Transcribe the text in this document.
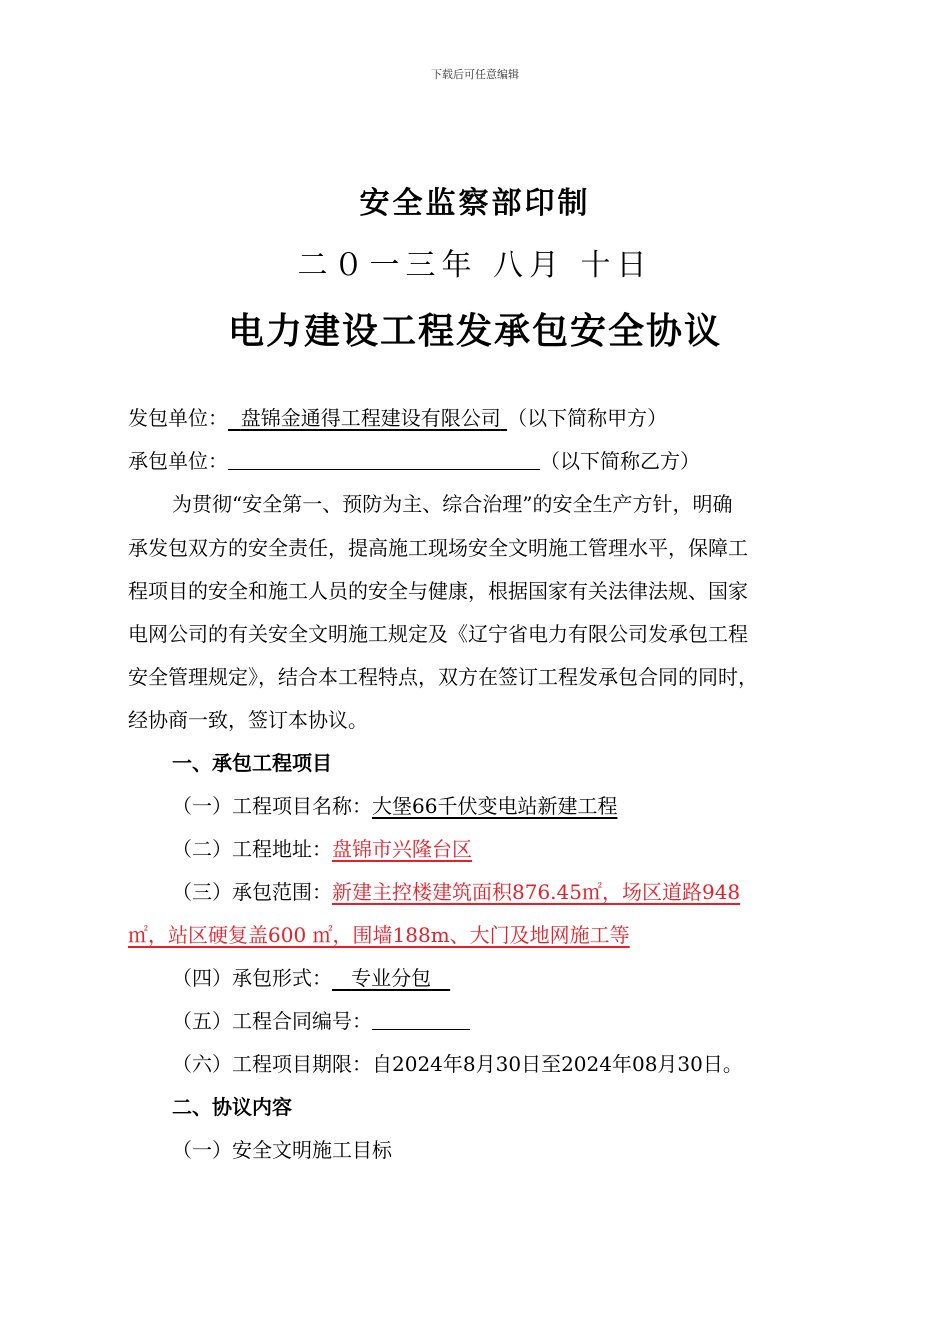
下载后可任意编辑
安全监察部印制
二０一三年 八月 十日
电力建设工程发承包安全协议
发包单位： 盘锦金通得工程建设有限公司 （以下简称甲方）
承包单位：	（以下简称乙方）
为贯彻“安全第一、预防为主、综合治理”的安全生产方针，明确
承发包双方的安全责任，提高施工现场安全文明施工管理水平，保障工
程项目的安全和施工人员的安全与健康，根据国家有关法律法规、国家
电网公司的有关安全文明施工规定及《辽宁省电力有限公司发承包工程
安全管理规定》，结合本工程特点，双方在签订工程发承包合同的同时，
经协商一致，签订本协议。
一、承包工程项目
（一）工程项目名称：大堡66千伏变电站新建工程
（二）工程地址：盘锦市兴隆台区
（三）承包范围：新建主控楼建筑面积876.45㎡，场区道路948
㎡，站区硬复盖600 ㎡，围墙188m、大门及地网施工等
（四）承包形式： 专业分包
（五）工程合同编号：
（六）工程项目期限：自2024年8月30日至2024年08月30日。
二、协议内容
（一）安全文明施工目标
